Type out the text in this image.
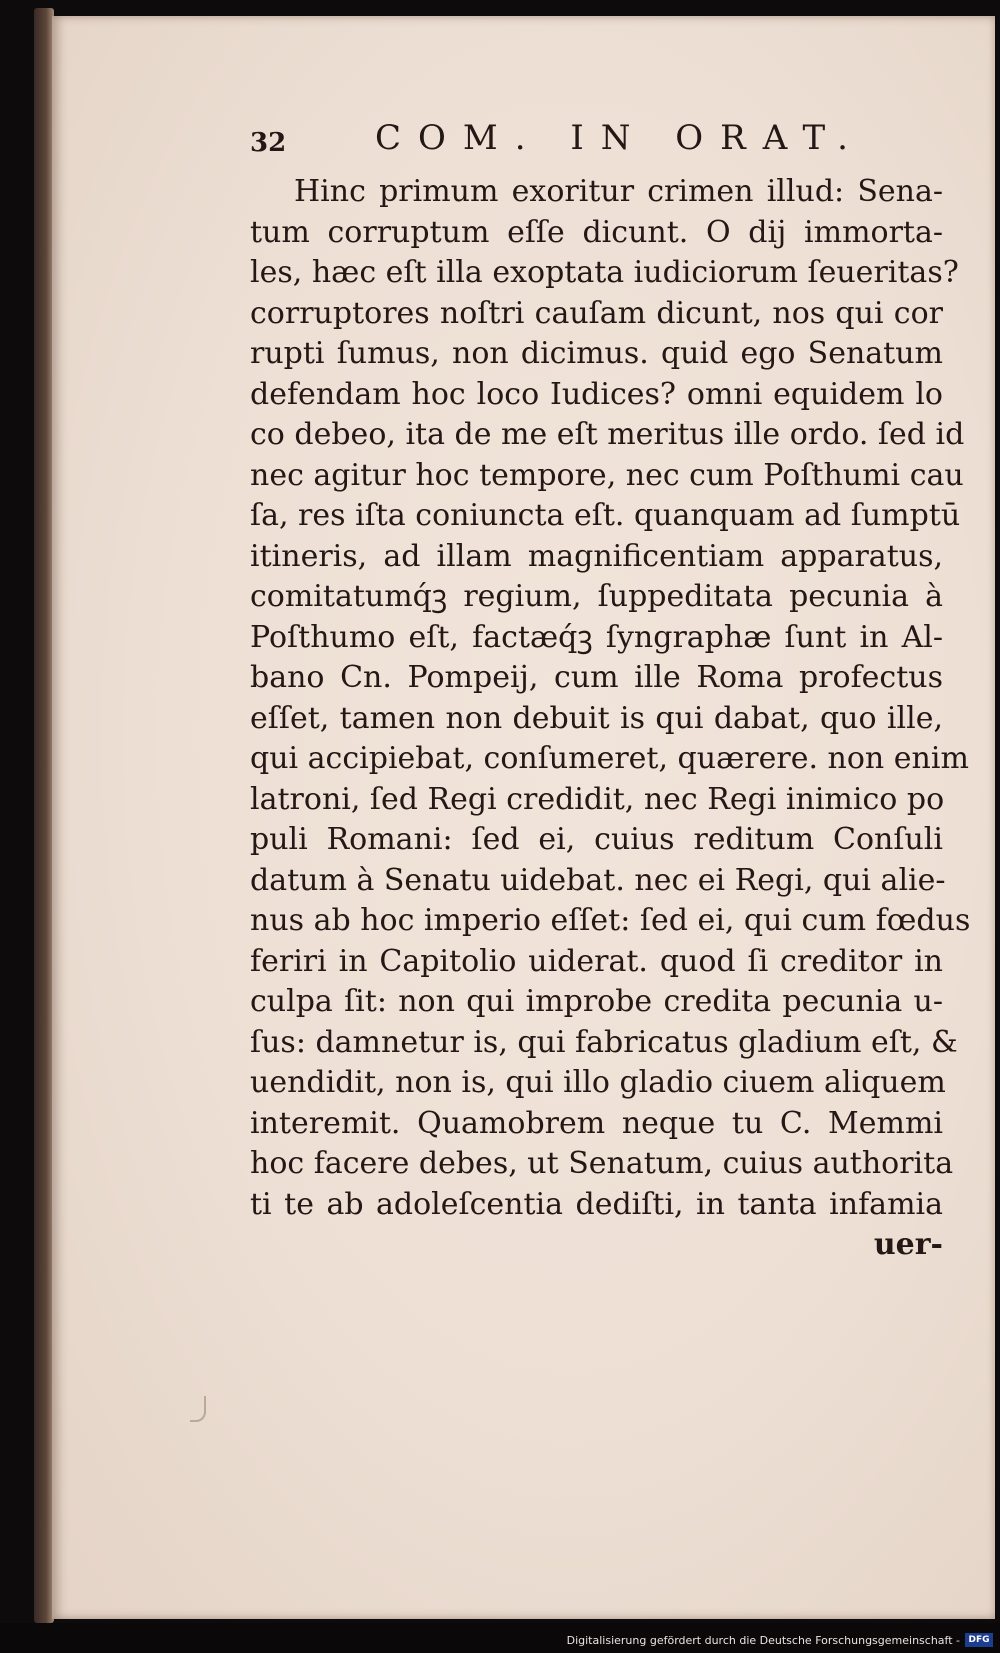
32	COM. IN ORAT.
Hinc primum exoritur crimen illud: Sena-
tum corruptum eſſe dicunt. O dij immorta-
les, hæc eſt illa exoptata iudiciorum ſeueritas?
corruptores noſtri cauſam dicunt, nos qui cor
rupti ſumus, non dicimus. quid ego Senatum
defendam hoc loco Iudices? omni equidem lo
co debeo, ita de me eſt meritus ille ordo. ſed id
nec agitur hoc tempore, nec cum Poſthumi cau
ſa, res iſta coniuncta eſt. quanquam ad ſumptū
itineris, ad illam magnificentiam apparatus,
comitatumq́ꝫ regium, ſuppeditata pecunia à
Poſthumo eſt, factæq́ꝫ ſyngraphæ ſunt in Al-
bano Cn. Pompeij, cum ille Roma profectus
eſſet, tamen non debuit is qui dabat, quo ille,
qui accipiebat, conſumeret, quærere. non enim
latroni, ſed Regi credidit, nec Regi inimico po
puli Romani: ſed ei, cuius reditum Conſuli
datum à Senatu uidebat. nec ei Regi, qui alie-
nus ab hoc imperio eſſet: ſed ei, qui cum fœdus
feriri in Capitolio uiderat. quod ſi creditor in
culpa ſit: non qui improbe credita pecunia u-
ſus: damnetur is, qui fabricatus gladium eſt, &
uendidit, non is, qui illo gladio ciuem aliquem
interemit. Quamobrem neque tu C. Memmi
hoc facere debes, ut Senatum, cuius authorita
ti te ab adoleſcentia dediſti, in tanta infamia
uer-
Digitalisierung gefördert durch die Deutsche Forschungsgemeinschaft - DFG
